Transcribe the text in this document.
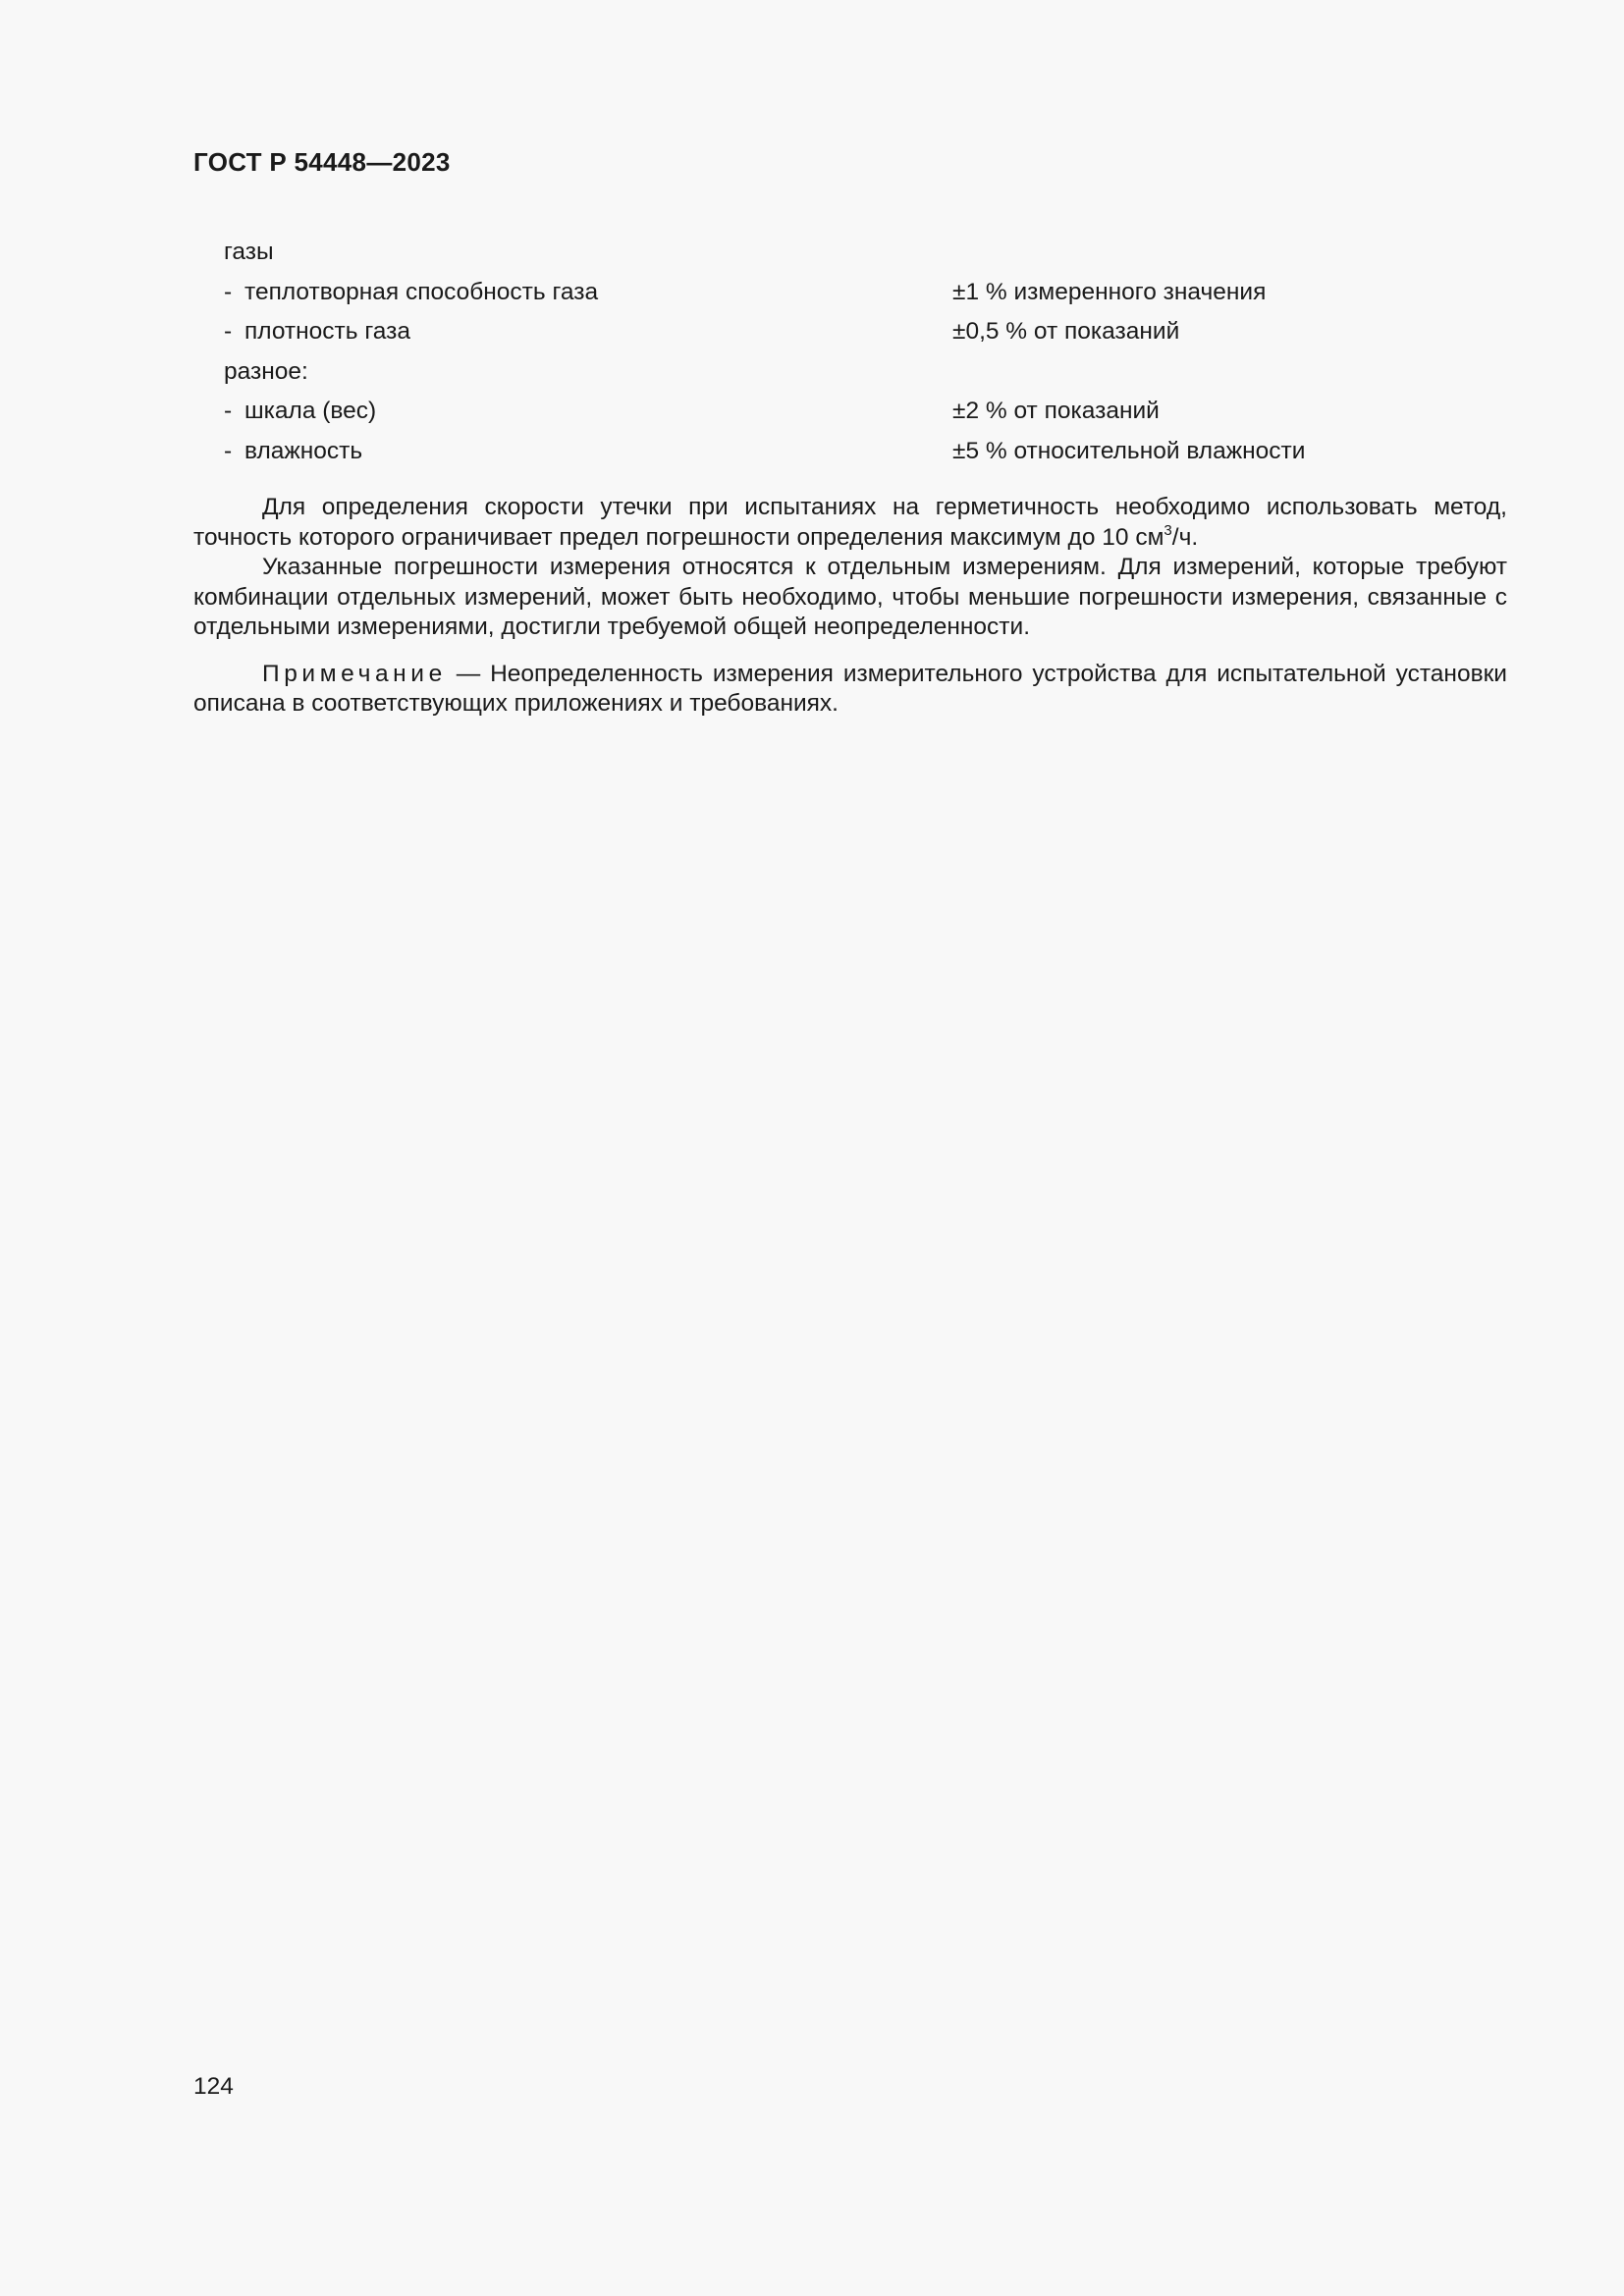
ГОСТ Р 54448—2023
газы
- теплотворная способность газа	±1 % измеренного значения
- плотность газа	±0,5 % от показаний
разное:
- шкала (вес)	±2 % от показаний
- влажность	±5 % относительной влажности

Для определения скорости утечки при испытаниях на герметичность необходимо использовать метод, точность которого ограничивает предел погрешности определения максимум до 10 $см^3/ч$.

Указанные погрешности измерения относятся к отдельным измерениям. Для измерений, которые требуют комбинации отдельных измерений, может быть необходимо, чтобы меньшие погрешности измерения, связанные с отдельными измерениями, достигли требуемой общей неопределенности.

Примечание — Неопределенность измерения измерительного устройства для испытательной установки описана в соответствующих приложениях и требованиях.

124
